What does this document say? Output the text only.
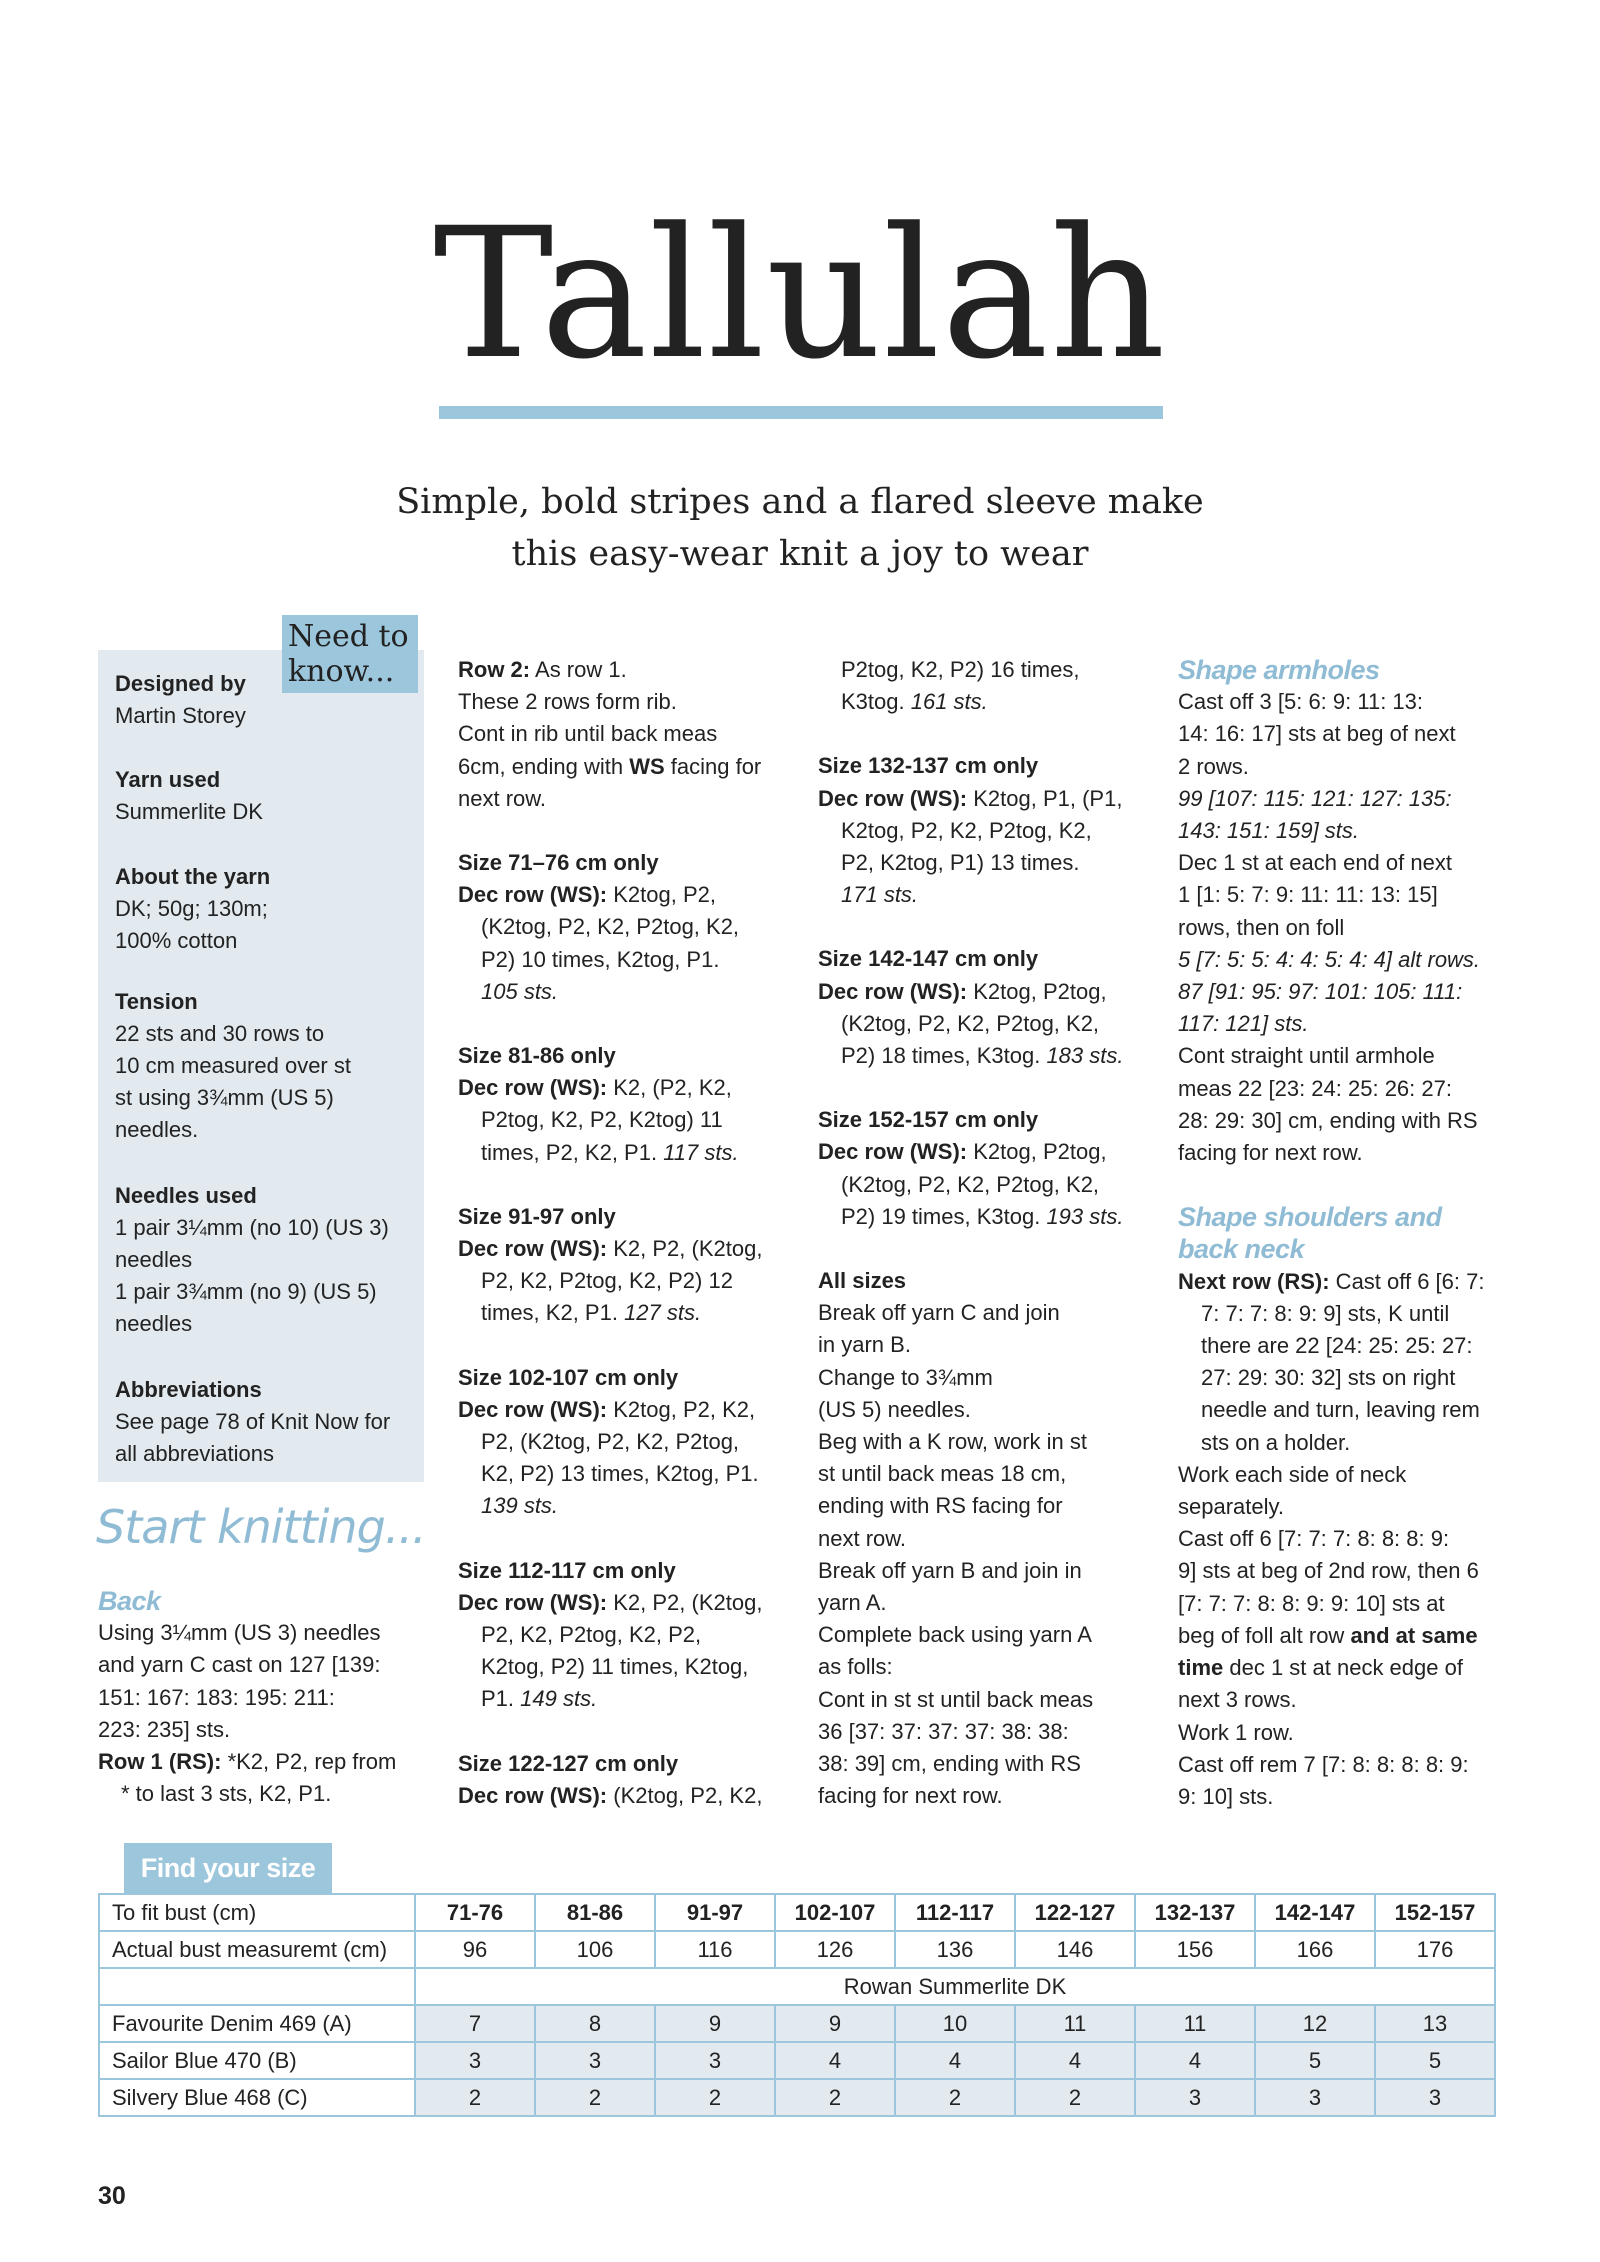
Tallulah
Simple, bold stripes and a flared sleeve make
this easy-wear knit a joy to wear
Need to
know...
Designed by
Martin Storey
Yarn used
Summerlite DK
About the yarn
DK; 50g; 130m;
100% cotton
Tension
22 sts and 30 rows to
10 cm measured over st
st using 3¾mm (US 5)
needles.
Needles used
1 pair 3¼mm (no 10) (US 3)
needles
1 pair 3¾mm (no 9) (US 5)
needles
Abbreviations
See page 78 of Knit Now for
all abbreviations
Start knitting...

Back

Using 3¼mm (US 3) needles

and yarn C cast on 127 [139:

151: 167: 183: 195: 211:

223: 235] sts.

Row 1 (RS): *K2, P2, rep from

* to last 3 sts, K2, P1.

Row 2: As row 1.

These 2 rows form rib.

Cont in rib until back meas

6cm, ending with WS facing for

next row.

Size 71–76 cm only

Dec row (WS): K2tog, P2,

(K2tog, P2, K2, P2tog, K2,

P2) 10 times, K2tog, P1.

105 sts.

Size 81-86 only

Dec row (WS): K2, (P2, K2,

P2tog, K2, P2, K2tog) 11

times, P2, K2, P1. 117 sts.

Size 91-97 only

Dec row (WS): K2, P2, (K2tog,

P2, K2, P2tog, K2, P2) 12

times, K2, P1. 127 sts.

Size 102-107 cm only

Dec row (WS): K2tog, P2, K2,

P2, (K2tog, P2, K2, P2tog,

K2, P2) 13 times, K2tog, P1.

139 sts.

Size 112-117 cm only

Dec row (WS): K2, P2, (K2tog,

P2, K2, P2tog, K2, P2,

K2tog, P2) 11 times, K2tog,

P1. 149 sts.

Size 122-127 cm only

Dec row (WS): (K2tog, P2, K2,

P2tog, K2, P2) 16 times,

K3tog. 161 sts.

Size 132-137 cm only

Dec row (WS): K2tog, P1, (P1,

K2tog, P2, K2, P2tog, K2,

P2, K2tog, P1) 13 times.

171 sts.

Size 142-147 cm only

Dec row (WS): K2tog, P2tog,

(K2tog, P2, K2, P2tog, K2,

P2) 18 times, K3tog. 183 sts.

Size 152-157 cm only

Dec row (WS): K2tog, P2tog,

(K2tog, P2, K2, P2tog, K2,

P2) 19 times, K3tog. 193 sts.

All sizes

Break off yarn C and join

in yarn B.

Change to 3¾mm

(US 5) needles.

Beg with a K row, work in st

st until back meas 18 cm,

ending with RS facing for

next row.

Break off yarn B and join in

yarn A.

Complete back using yarn A

as folls:

Cont in st st until back meas

36 [37: 37: 37: 37: 38: 38:

38: 39] cm, ending with RS

facing for next row.

Shape armholes

Cast off 3 [5: 6: 9: 11: 13:

14: 16: 17] sts at beg of next

2 rows.

99 [107: 115: 121: 127: 135:

143: 151: 159] sts.

Dec 1 st at each end of next

1 [1: 5: 7: 9: 11: 11: 13: 15]

rows, then on foll

5 [7: 5: 5: 4: 4: 5: 4: 4] alt rows.

87 [91: 95: 97: 101: 105: 111:

117: 121] sts.

Cont straight until armhole

meas 22 [23: 24: 25: 26: 27:

28: 29: 30] cm, ending with RS

facing for next row.

Shape shoulders and

back neck

Next row (RS): Cast off 6 [6: 7:

7: 7: 7: 8: 9: 9] sts, K until

there are 22 [24: 25: 25: 27:

27: 29: 30: 32] sts on right

needle and turn, leaving rem

sts on a holder.

Work each side of neck

separately.

Cast off 6 [7: 7: 7: 8: 8: 8: 9:

9] sts at beg of 2nd row, then 6

[7: 7: 7: 8: 8: 9: 9: 10] sts at

beg of foll alt row and at same

time dec 1 st at neck edge of

next 3 rows.

Work 1 row.

Cast off rem 7 [7: 8: 8: 8: 8: 9:

9: 10] sts.

Find your size
To fit bust (cm)	71-76	81-86	91-97	102-107	112-117	122-127	132-137	142-147	152-157
Actual bust measuremt (cm)	96	106	116	126	136	146	156	166	176
	Rowan Summerlite DK								
Favourite Denim 469 (A)	7	8	9	9	10	11	11	12	13
Sailor Blue 470 (B)	3	3	3	4	4	4	4	5	5
Silvery Blue 468 (C)	2	2	2	2	2	2	3	3	3
30
